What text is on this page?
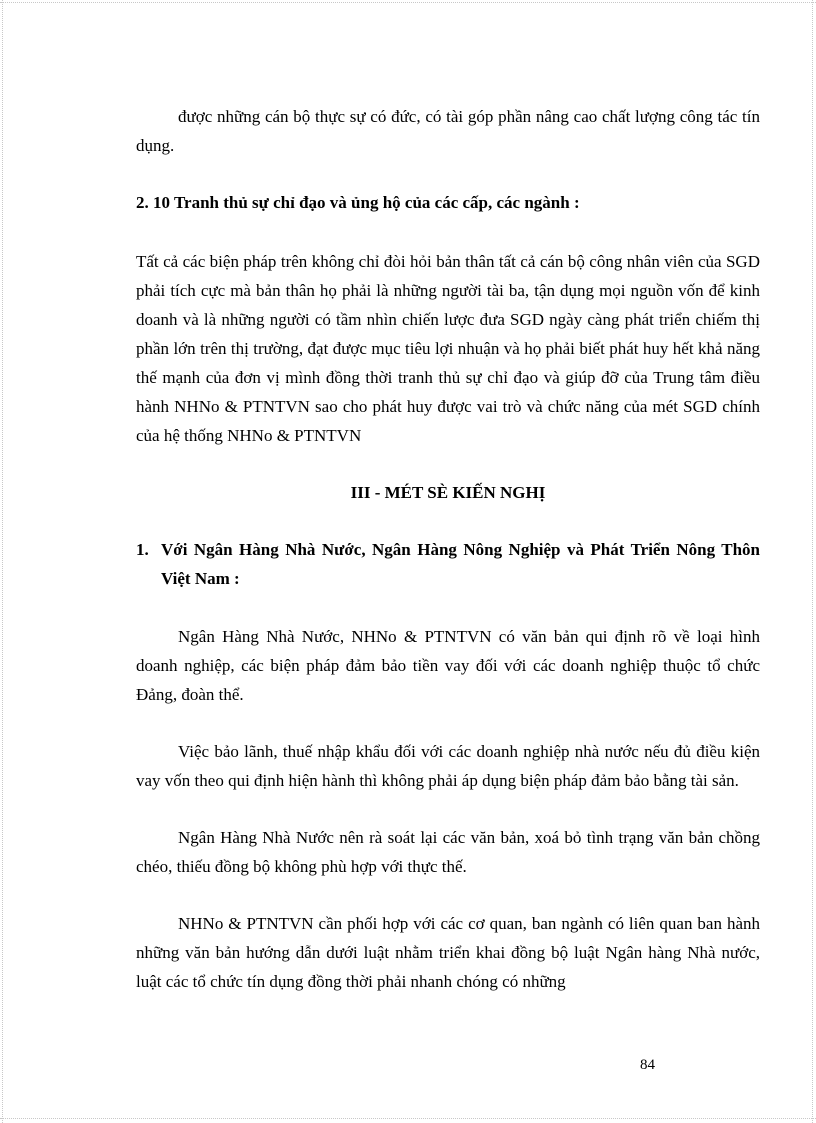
được những cán bộ thực sự có đức, có tài góp phần nâng cao chất lượng công tác tín dụng.

2. 10 Tranh thủ sự chỉ đạo và ủng hộ của các cấp, các ngành :

Tất cả các biện pháp trên không chỉ đòi hỏi bản thân tất cả cán bộ công nhân viên của SGD phải tích cực mà bản thân họ phải là những người tài ba, tận dụng mọi nguồn vốn để kinh doanh và là những người có tầm nhìn chiến lược đưa SGD ngày càng phát triển chiếm thị phần lớn trên thị trường, đạt được mục tiêu lợi nhuận và họ phải biết phát huy hết khả năng thế mạnh của đơn vị mình đồng thời tranh thủ sự chỉ đạo và giúp đỡ của Trung tâm điều hành NHNo & PTNTVN sao cho phát huy được vai trò và chức năng của mét SGD chính của hệ thống NHNo & PTNTVN

III - MÉT SÈ KIẾN NGHỊ
1. Với Ngân Hàng Nhà Nước, Ngân Hàng Nông Nghiệp và Phát Triển Nông Thôn Việt Nam :

Ngân Hàng Nhà Nước, NHNo & PTNTVN có văn bản qui định rõ về loại hình doanh nghiệp, các biện pháp đảm bảo tiền vay đối với các doanh nghiệp thuộc tổ chức Đảng, đoàn thể.

Việc bảo lãnh, thuế nhập khẩu đối với các doanh nghiệp nhà nước nếu đủ điều kiện vay vốn theo qui định hiện hành thì không phải áp dụng biện pháp đảm bảo bằng tài sản.

Ngân Hàng Nhà Nước nên rà soát lại các văn bản, xoá bỏ tình trạng văn bản chồng chéo, thiếu đồng bộ không phù hợp với thực thế.

NHNo & PTNTVN cần phối hợp với các cơ quan, ban ngành có liên quan ban hành những văn bản hướng dẫn dưới luật nhằm triển khai đồng bộ luật Ngân hàng Nhà nước, luật các tổ chức tín dụng đồng thời phải nhanh chóng có những

84
